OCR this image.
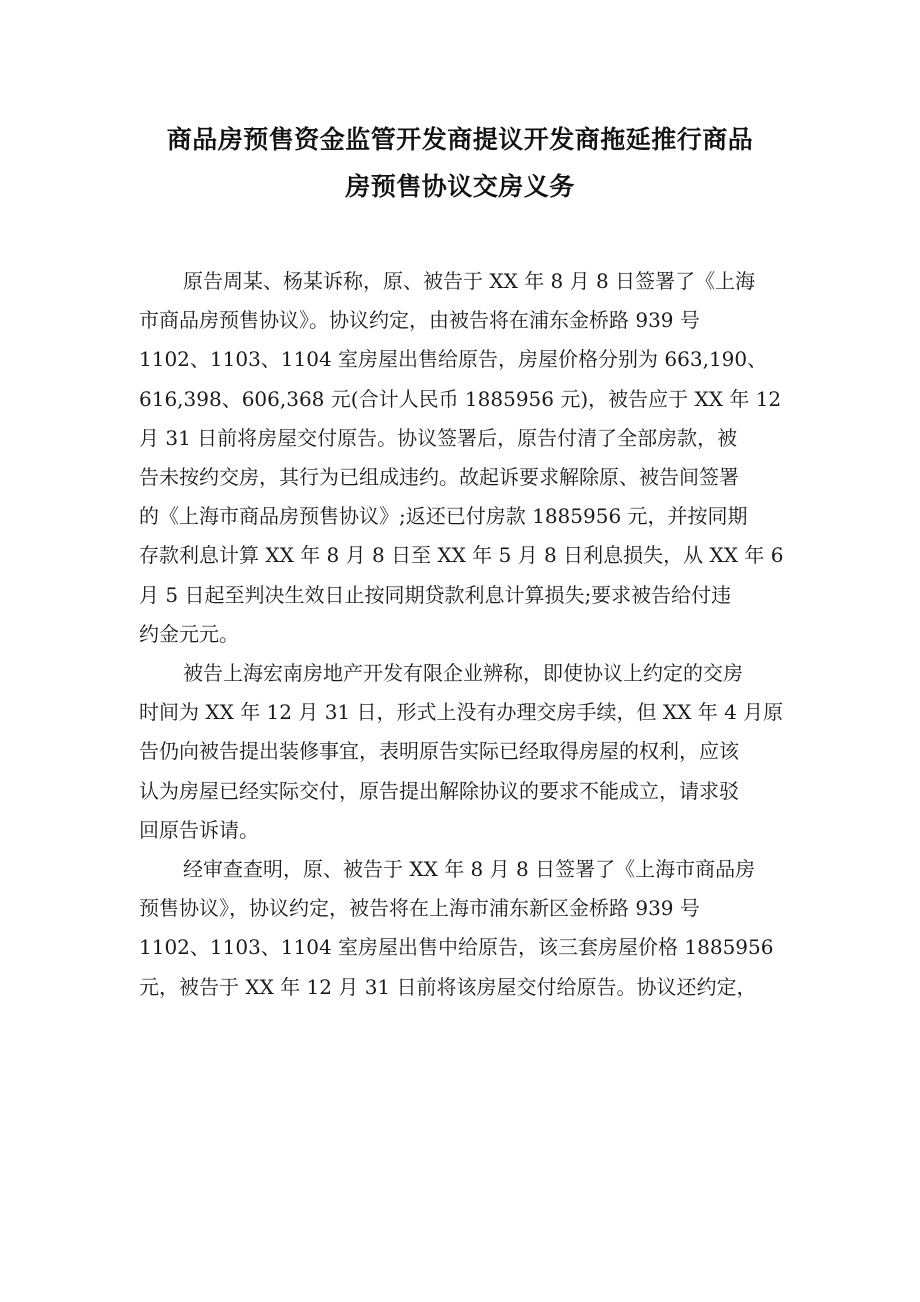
商品房预售资金监管开发商提议开发商拖延推行商品
房预售协议交房义务
原告周某、杨某诉称，原、被告于 XX 年 8 月 8 日签署了《上海
市商品房预售协议》。协议约定，由被告将在浦东金桥路 939 号
1102、1103、1104 室房屋出售给原告，房屋价格分别为 663,190、
616,398、606,368 元(合计人民币 1885956 元)，被告应于 XX 年 12
月 31 日前将房屋交付原告。协议签署后，原告付清了全部房款，被
告未按约交房，其行为已组成违约。故起诉要求解除原、被告间签署
的《上海市商品房预售协议》;返还已付房款 1885956 元，并按同期
存款利息计算 XX 年 8 月 8 日至 XX 年 5 月 8 日利息损失，从 XX 年 6
月 5 日起至判决生效日止按同期贷款利息计算损失;要求被告给付违
约金元元。
被告上海宏南房地产开发有限企业辨称，即使协议上约定的交房
时间为 XX 年 12 月 31 日，形式上没有办理交房手续，但 XX 年 4 月原
告仍向被告提出装修事宜，表明原告实际已经取得房屋的权利，应该
认为房屋已经实际交付，原告提出解除协议的要求不能成立，请求驳
回原告诉请。
经审查查明，原、被告于 XX 年 8 月 8 日签署了《上海市商品房
预售协议》，协议约定，被告将在上海市浦东新区金桥路 939 号
1102、1103、1104 室房屋出售中给原告，该三套房屋价格 1885956
元，被告于 XX 年 12 月 31 日前将该房屋交付给原告。协议还约定，
